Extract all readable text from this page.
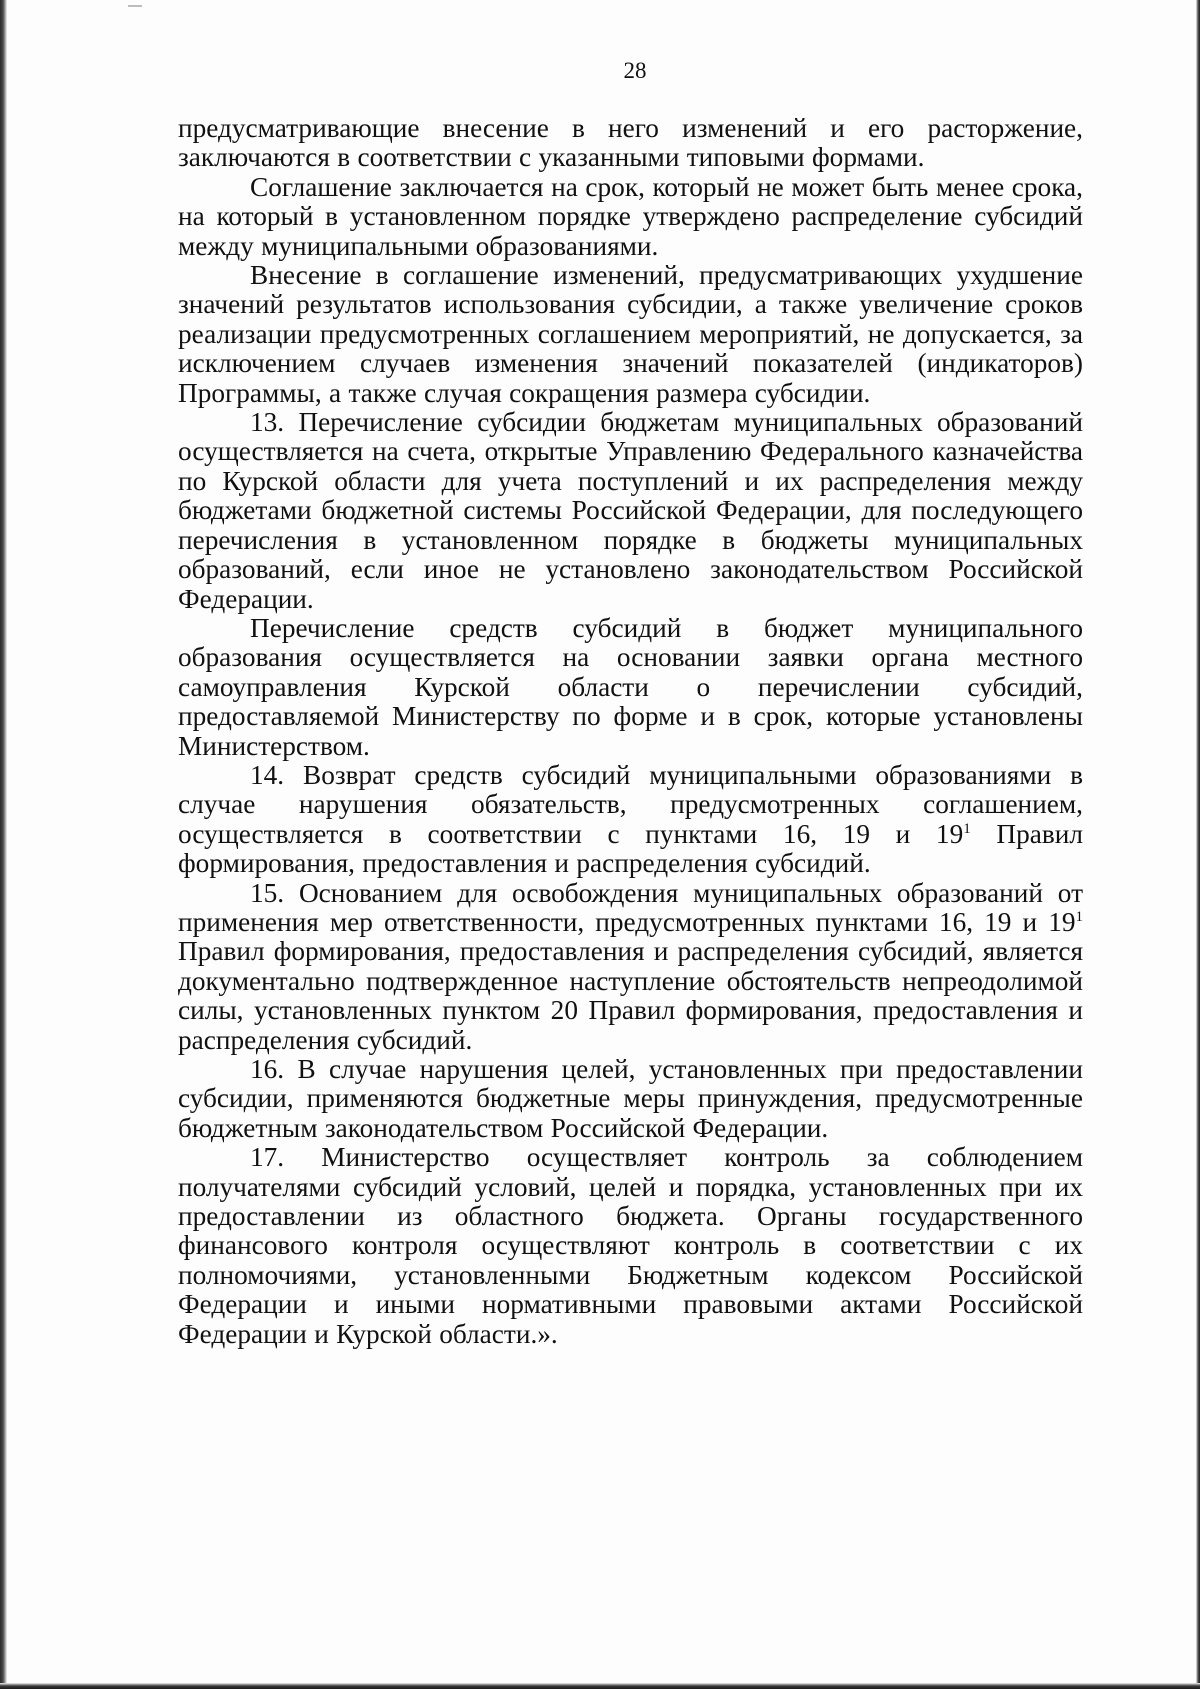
28

предусматривающие внесение в него изменений и его расторжение, заключаются в соответствии с указанными типовыми формами.

Соглашение заключается на срок, который не может быть менее срока, на который в установленном порядке утверждено распределение субсидий между муниципальными образованиями.

Внесение в соглашение изменений, предусматривающих ухудшение значений результатов использования субсидии, а также увеличение сроков реализации предусмотренных соглашением мероприятий, не допускается, за исключением случаев изменения значений показателей (индикаторов) Программы, а также случая сокращения размера субсидии.

13. Перечисление субсидии бюджетам муниципальных образований осуществляется на счета, открытые Управлению Федерального казначейства по Курской области для учета поступлений и их распределения между бюджетами бюджетной системы Российской Федерации, для последующего перечисления в установленном порядке в бюджеты муниципальных образований, если иное не установлено законодательством Российской Федерации.

Перечисление средств субсидий в бюджет муниципального образования осуществляется на основании заявки органа местного самоуправления Курской области о перечислении субсидий, предоставляемой Министерству по форме и в срок, которые установлены Министерством.

14. Возврат средств субсидий муниципальными образованиями в случае нарушения обязательств, предусмотренных соглашением, осуществляется в соответствии с пунктами 16, 19 и $19^1$ Правил формирования, предоставления и распределения субсидий.

15. Основанием для освобождения муниципальных образований от применения мер ответственности, предусмотренных пунктами 16, 19 и $19^1$ Правил формирования, предоставления и распределения субсидий, является документально подтвержденное наступление обстоятельств непреодолимой силы, установленных пунктом 20 Правил формирования, предоставления и распределения субсидий.

16. В случае нарушения целей, установленных при предоставлении субсидии, применяются бюджетные меры принуждения, предусмотренные бюджетным законодательством Российской Федерации.

17. Министерство осуществляет контроль за соблюдением получателями субсидий условий, целей и порядка, установленных при их предоставлении из областного бюджета. Органы государственного финансового контроля осуществляют контроль в соответствии с их полномочиями, установленными Бюджетным кодексом Российской Федерации и иными нормативными правовыми актами Российской Федерации и Курской области.».
